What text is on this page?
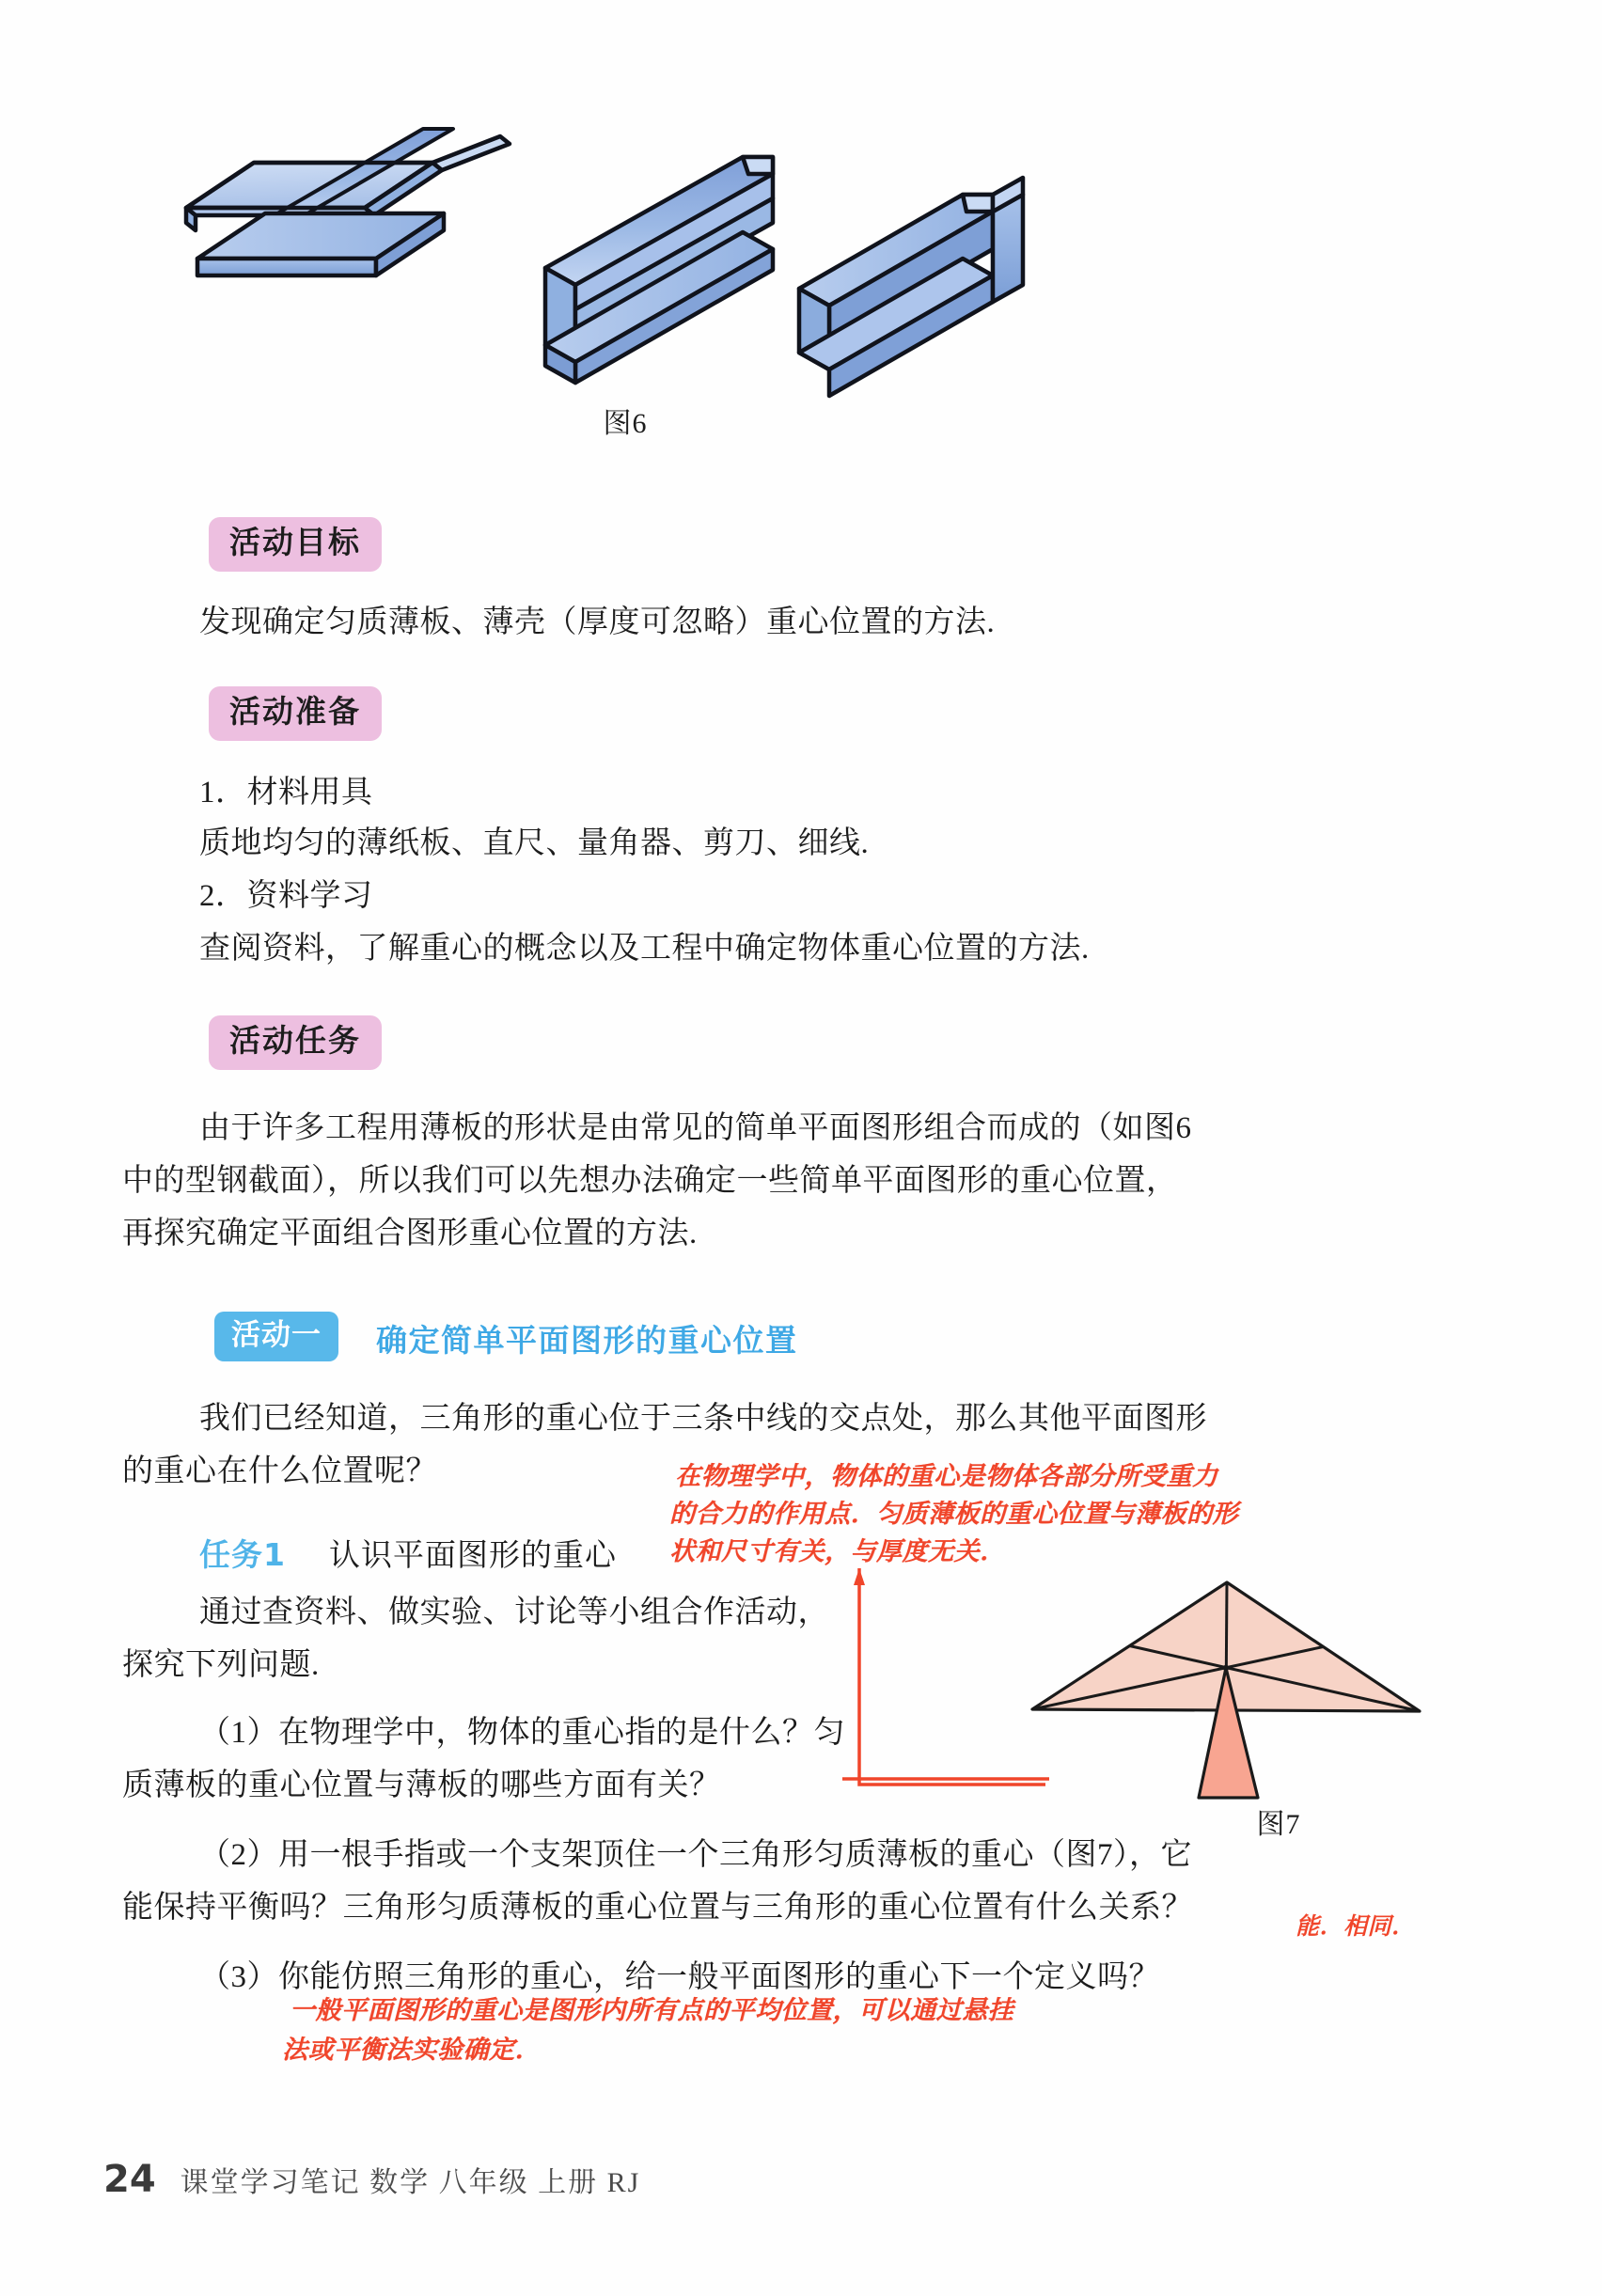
图6
活动目标
发现确定匀质薄板、薄壳（厚度可忽略）重心位置的方法.
活动准备
1．材料用具
质地均匀的薄纸板、直尺、量角器、剪刀、细线.
2．资料学习
查阅资料，了解重心的概念以及工程中确定物体重心位置的方法.
活动任务
由于许多工程用薄板的形状是由常见的简单平面图形组合而成的（如图6
中的型钢截面），所以我们可以先想办法确定一些简单平面图形的重心位置，
再探究确定平面组合图形重心位置的方法.
活动一	确定简单平面图形的重心位置
我们已经知道，三角形的重心位于三条中线的交点处，那么其他平面图形
的重心在什么位置呢？
任务1 认识平面图形的重心
通过查资料、做实验、讨论等小组合作活动，
探究下列问题.
（1）在物理学中，物体的重心指的是什么？匀
质薄板的重心位置与薄板的哪些方面有关？
（2）用一根手指或一个支架顶住一个三角形匀质薄板的重心（图7），它
能保持平衡吗？三角形匀质薄板的重心位置与三角形的重心位置有什么关系？
（3）你能仿照三角形的重心，给一般平面图形的重心下一个定义吗？
在物理学中，物体的重心是物体各部分所受重力
的合力的作用点．匀质薄板的重心位置与薄板的形
状和尺寸有关，与厚度无关．
能．相同．
一般平面图形的重心是图形内所有点的平均位置，可以通过悬挂
法或平衡法实验确定．
图7
24 课堂学习笔记 数学 八年级 上册 RJ
